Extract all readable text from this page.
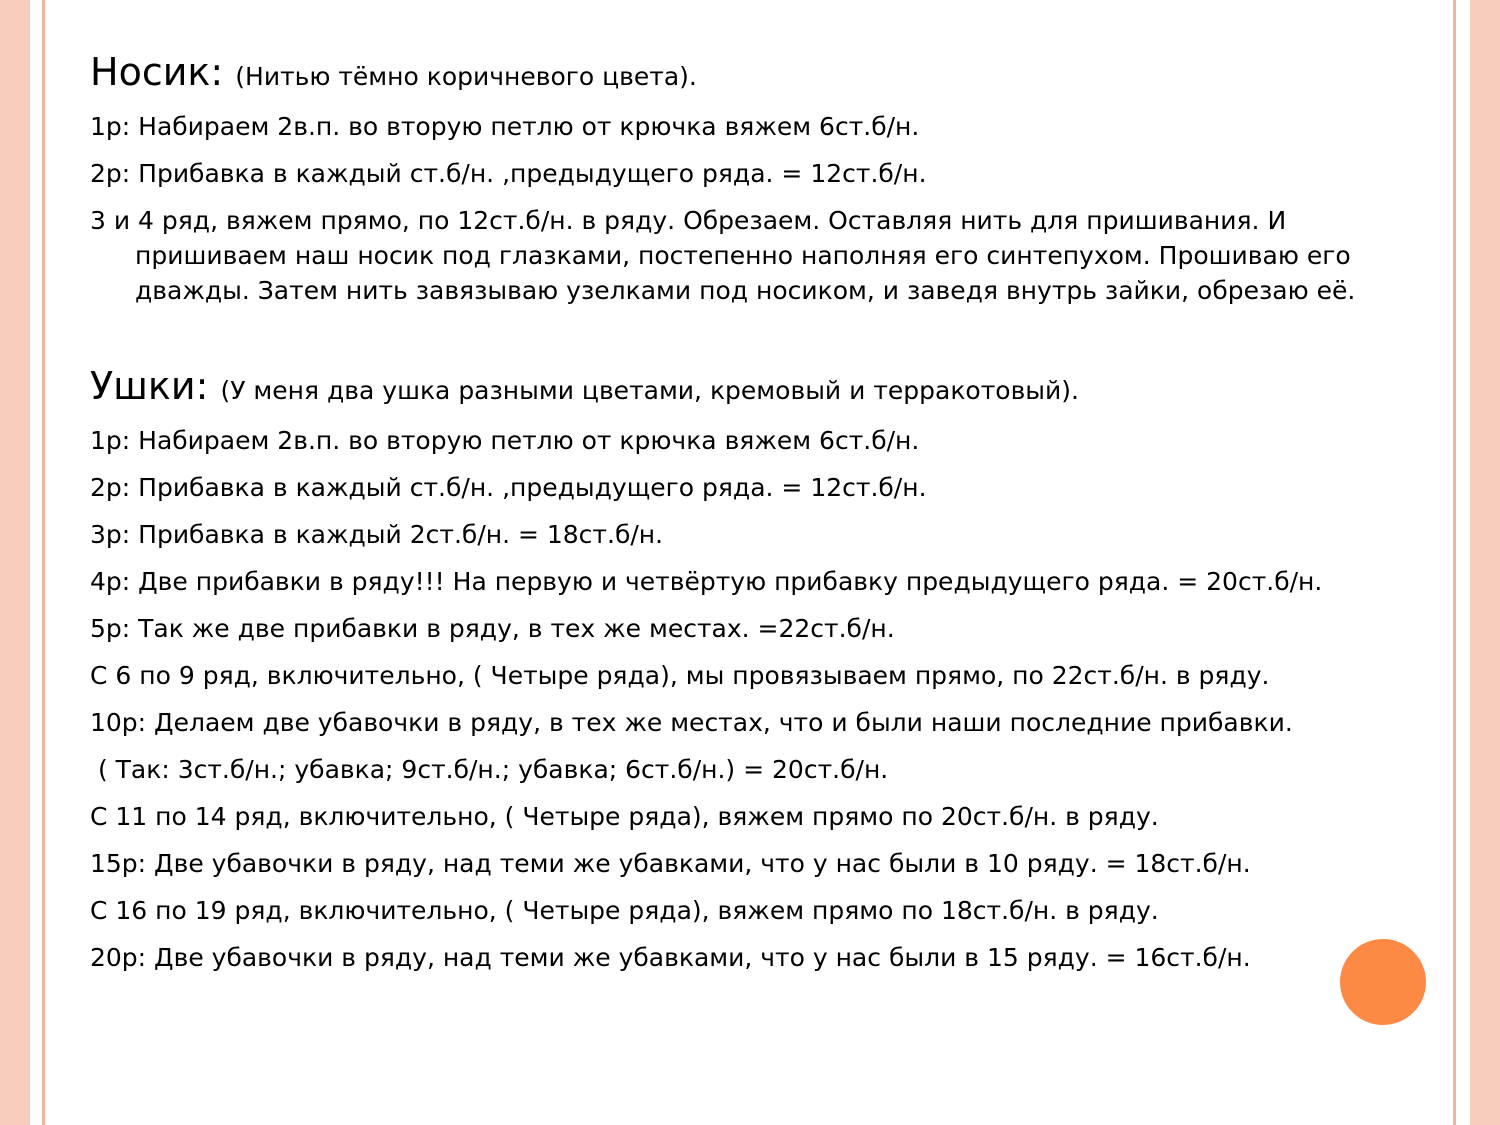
Носик: (Нитью тёмно коричневого цвета).
1р: Набираем 2в.п. во вторую петлю от крючка вяжем 6ст.б/н.
2р: Прибавка в каждый ст.б/н. ,предыдущего ряда. = 12ст.б/н.
3 и 4 ряд, вяжем прямо, по 12ст.б/н. в ряду. Обрезаем. Оставляя нить для пришивания. И пришиваем наш носик под глазками, постепенно наполняя его синтепухом. Прошиваю его дважды. Затем нить завязываю узелками под носиком, и заведя внутрь зайки, обрезаю её.
Ушки: (У меня два ушка разными цветами, кремовый и терракотовый).
1р: Набираем 2в.п. во вторую петлю от крючка вяжем 6ст.б/н.
2р: Прибавка в каждый ст.б/н. ,предыдущего ряда. = 12ст.б/н.
3р: Прибавка в каждый 2ст.б/н. = 18ст.б/н.
4р: Две прибавки в ряду!!! На первую и четвёртую прибавку предыдущего ряда. = 20ст.б/н.
5р: Так же две прибавки в ряду, в тех же местах. =22ст.б/н.
С 6 по 9 ряд, включительно, ( Четыре ряда), мы провязываем прямо, по 22ст.б/н. в ряду.
10р: Делаем две убавочки в ряду, в тех же местах, что и были наши последние прибавки.
( Так: 3ст.б/н.; убавка; 9ст.б/н.; убавка; 6ст.б/н.) = 20ст.б/н.
С 11 по 14 ряд, включительно, ( Четыре ряда), вяжем прямо по 20ст.б/н. в ряду.
15р: Две убавочки в ряду, над теми же убавками, что у нас были в 10 ряду. = 18ст.б/н.
С 16 по 19 ряд, включительно, ( Четыре ряда), вяжем прямо по 18ст.б/н. в ряду.
20р: Две убавочки в ряду, над теми же убавками, что у нас были в 15 ряду. = 16ст.б/н.
